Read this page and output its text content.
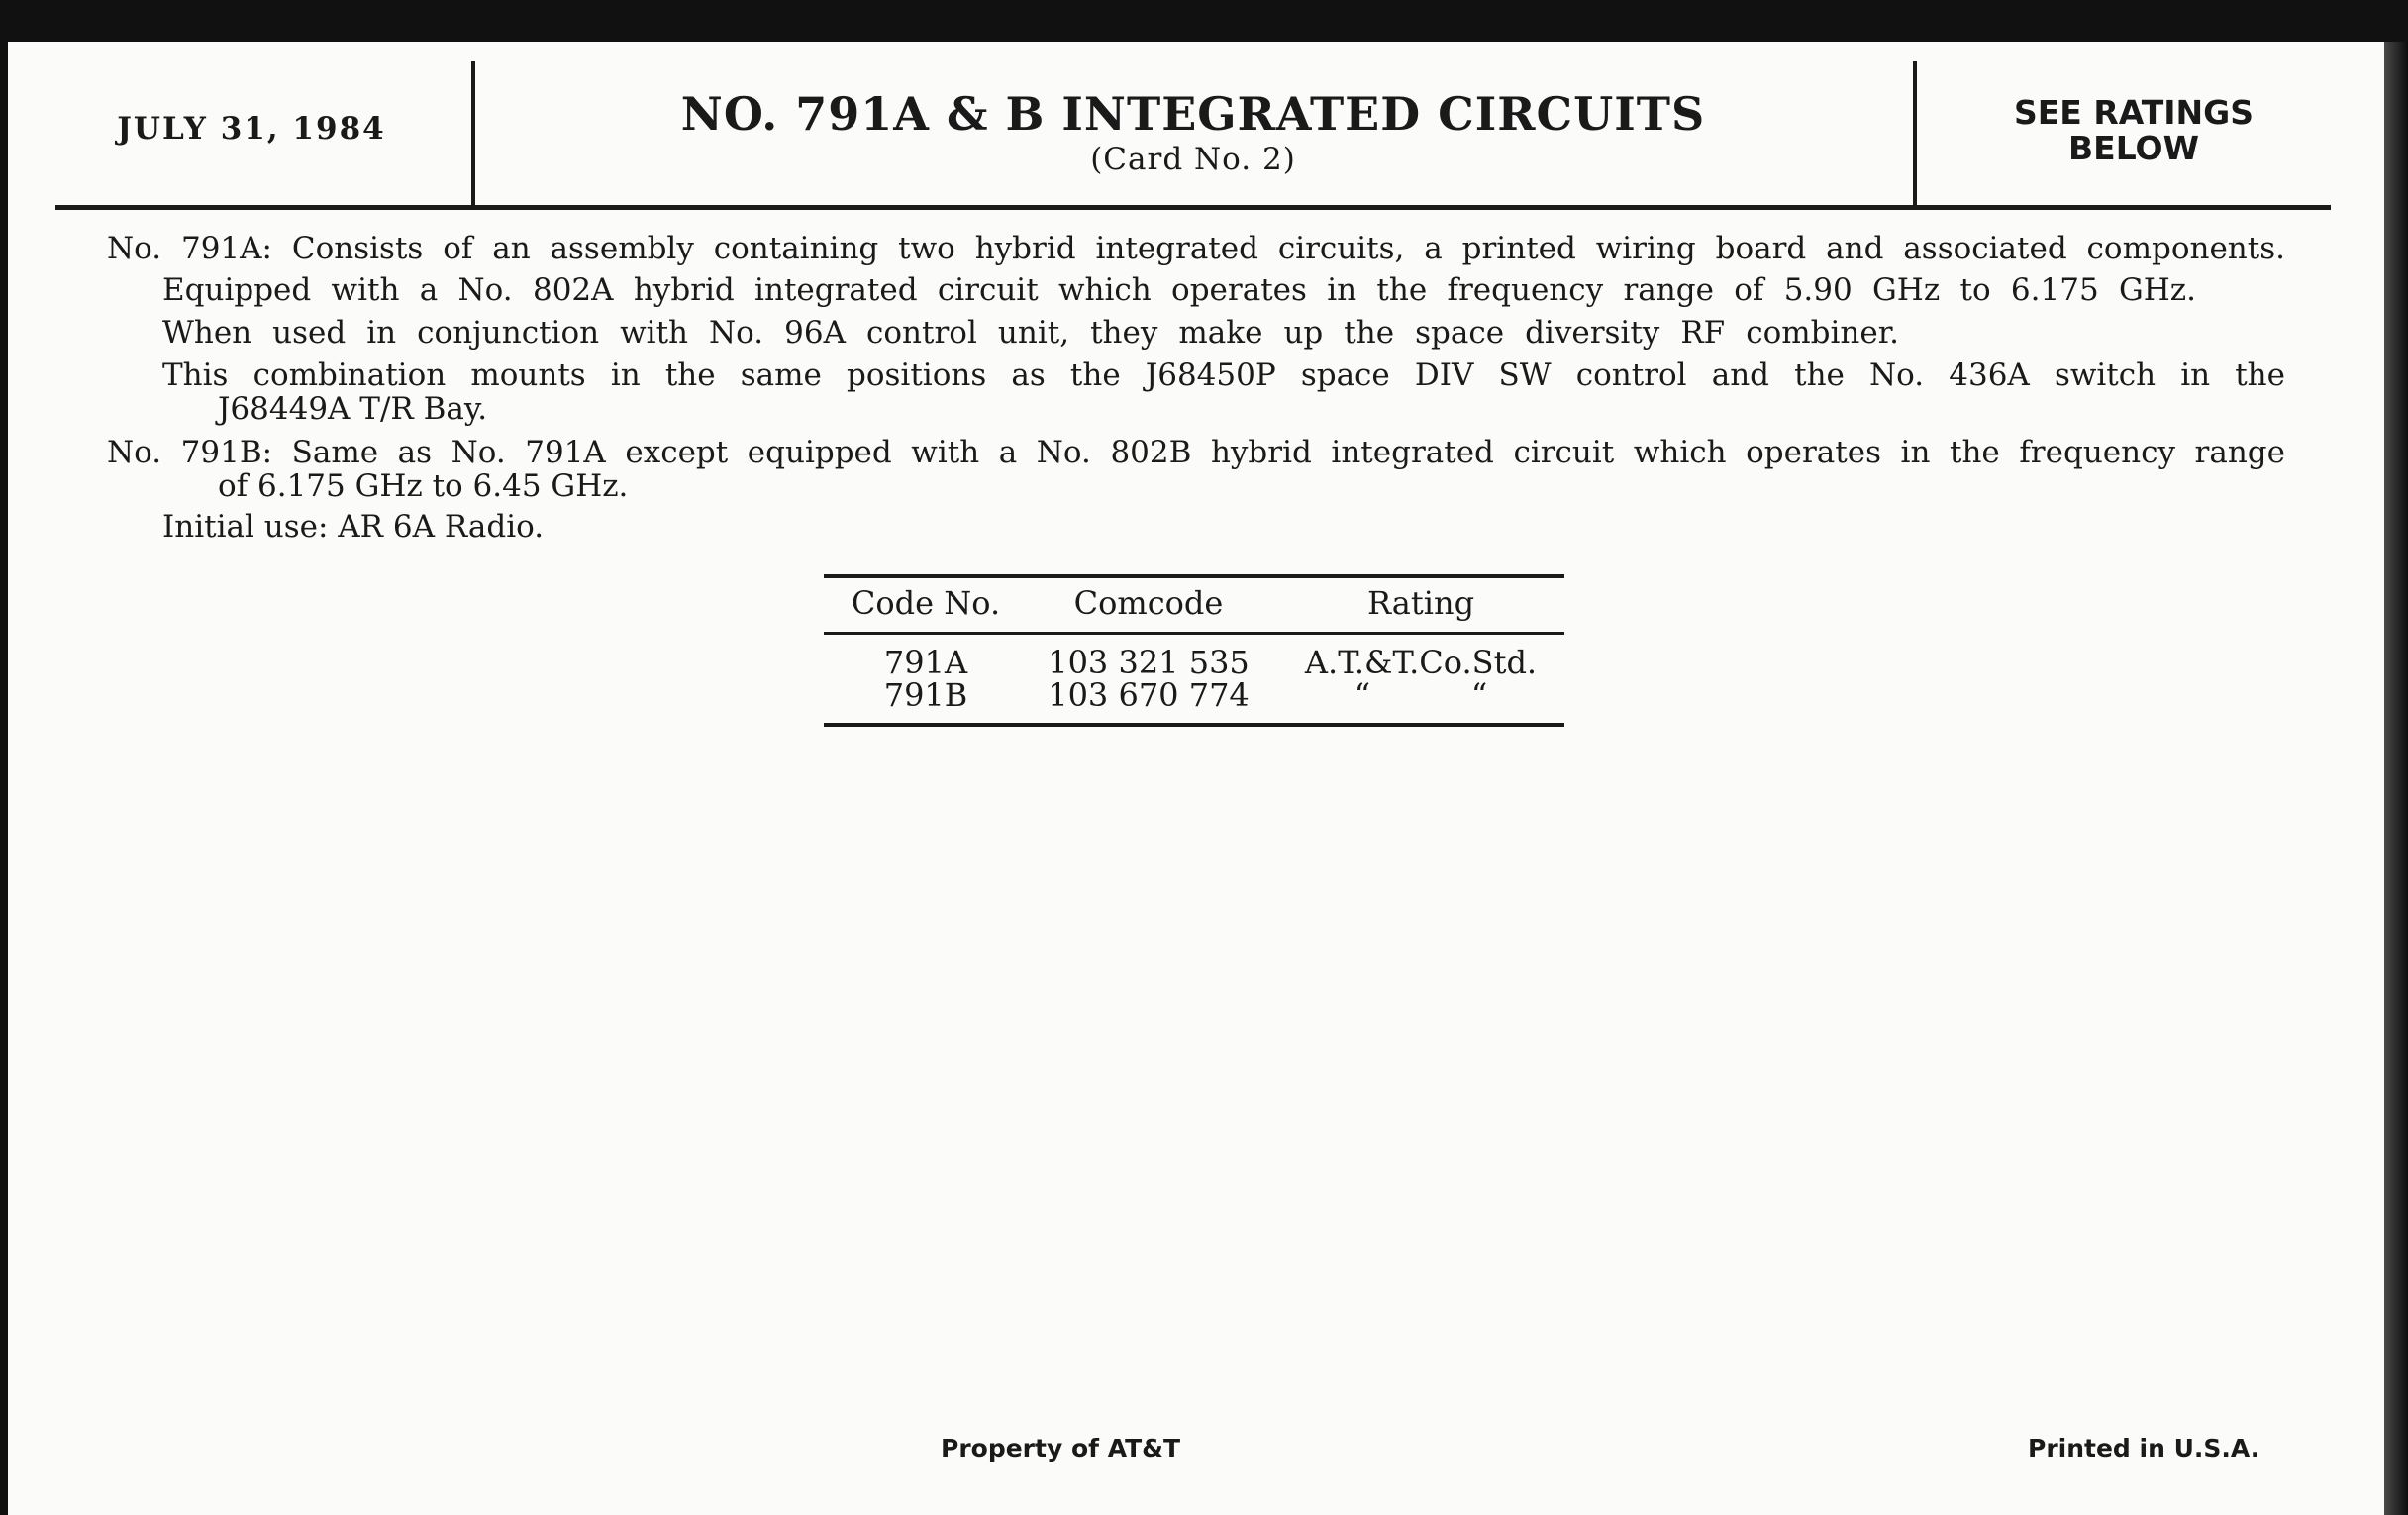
JULY 31, 1984	NO. 791A & B INTEGRATED CIRCUITS
(Card No. 2)
SEE RATINGS
BELOW
No. 791A: Consists of an assembly containing two hybrid integrated circuits, a printed wiring board and associated components.
Equipped with a No. 802A hybrid integrated circuit which operates in the frequency range of 5.90 GHz to 6.175 GHz.
When used in conjunction with No. 96A control unit, they make up the space diversity RF combiner.
This combination mounts in the same positions as the J68450P space DIV SW control and the No. 436A switch in the
J68449A T/R Bay.
No. 791B: Same as No. 791A except equipped with a No. 802B hybrid integrated circuit which operates in the frequency range
of 6.175 GHz to 6.45 GHz.
Initial use: AR 6A Radio.
Code No.	Comcode	Rating
791A	103 321 535	A.T.&T.Co.Std.
791B	103 670 774	“          “
Property of AT&T	Printed in U.S.A.
